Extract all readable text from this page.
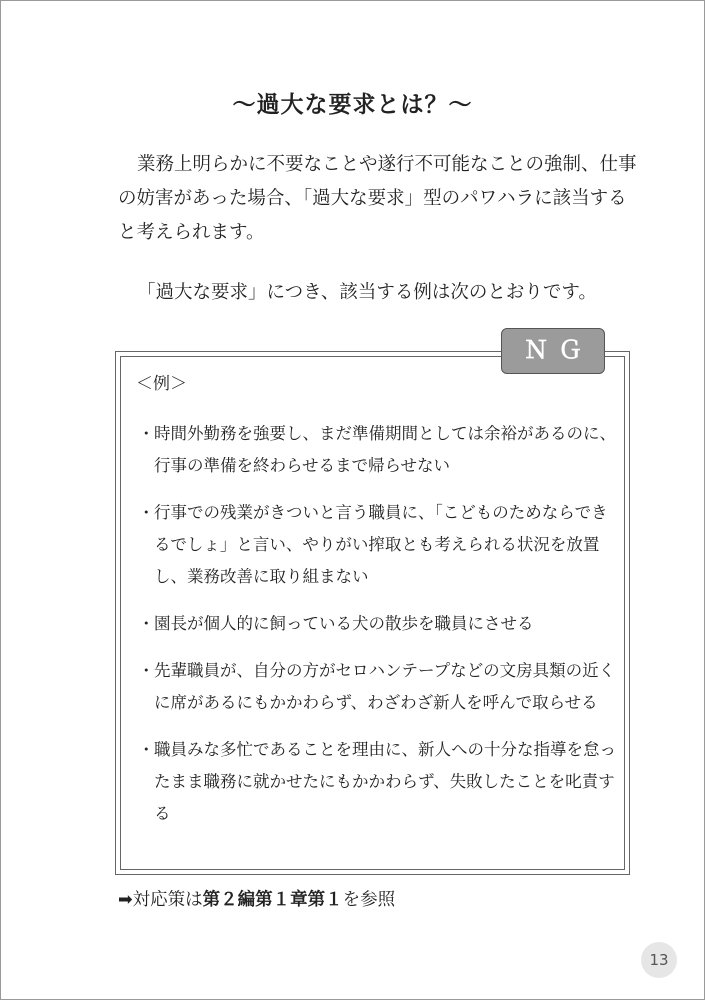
～過大な要求とは？～

業務上明らかに不要なことや遂行不可能なことの強制、仕事の妨害があった場合、「過大な要求」型のパワハラに該当すると考えられます。

「過大な要求」につき、該当する例は次のとおりです。

ＮＧ
＜例＞
・ 時間外勤務を強要し、まだ準備期間としては余裕があるのに、行事の準備を終わらせるまで帰らせない
・ 行事での残業がきついと言う職員に、「こどものためならできるでしょ」と言い、やりがい搾取とも考えられる状況を放置し、業務改善に取り組まない
・ 園長が個人的に飼っている犬の散歩を職員にさせる
・ 先輩職員が、自分の方がセロハンテープなどの文房具類の近くに席があるにもかかわらず、わざわざ新人を呼んで取らせる
・ 職員みな多忙であることを理由に、新人への十分な指導を怠ったまま職務に就かせたにもかかわらず、失敗したことを叱責する
➡対応策は第２編第１章第１を参照
13
